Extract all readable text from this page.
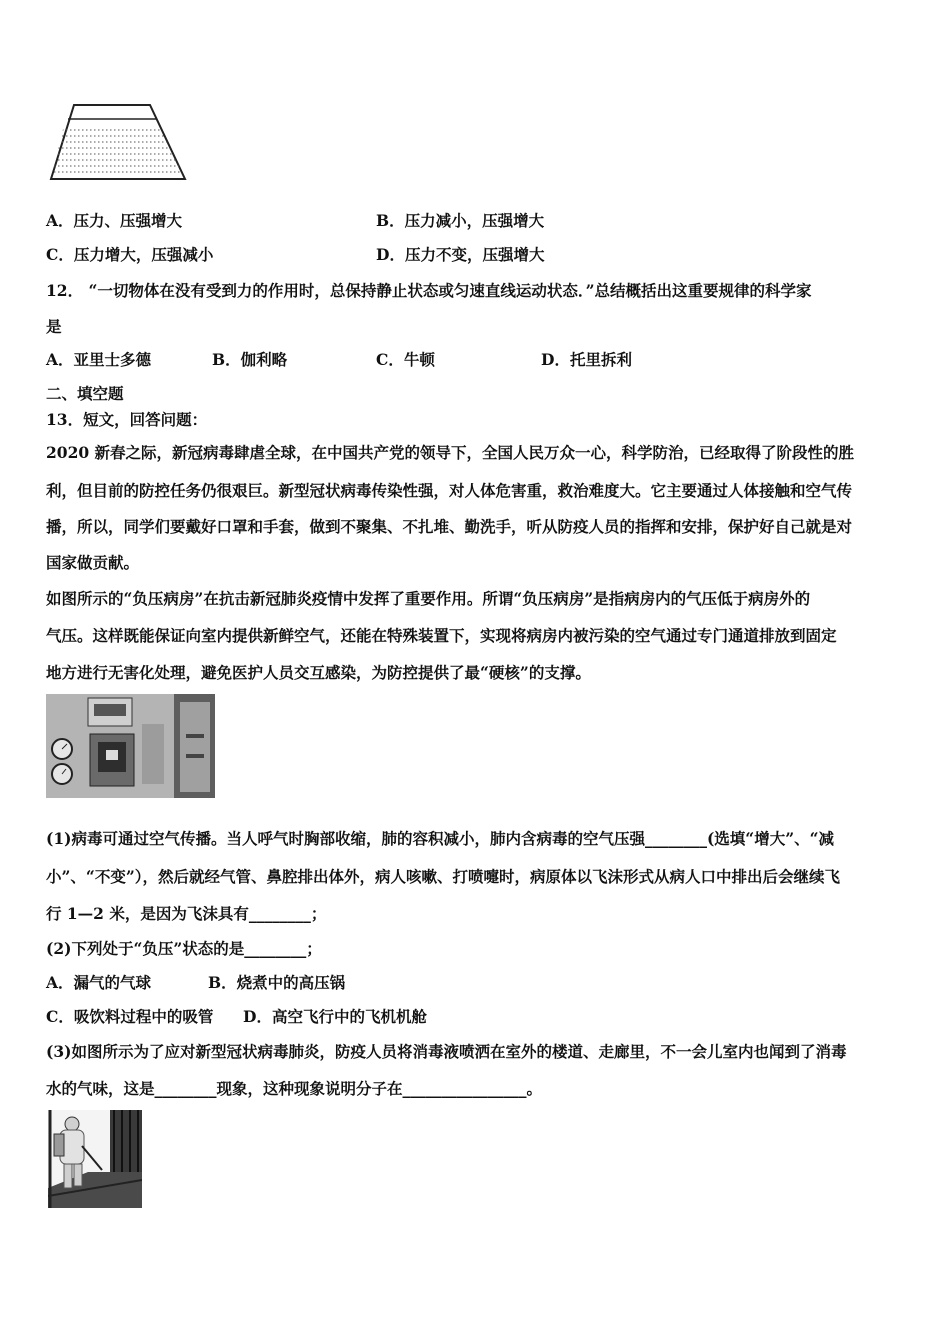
A．压力、压强增大	B．压力减小，压强增大
C．压力增大，压强减小	D．压力不变，压强增大
12． “一切物体在没有受到力的作用时，总保持静止状态或匀速直线运动状态．”总结概括出这重要规律的科学家
是
A．亚里士多德	B．伽利略	C．牛顿	D．托里拆利
二、填空题
13．短文，回答问题：
2020 新春之际，新冠病毒肆虐全球，在中国共产党的领导下，全国人民万众一心，科学防治，已经取得了阶段性的胜
利，但目前的防控任务仍很艰巨。新型冠状病毒传染性强，对人体危害重，救治难度大。它主要通过人体接触和空气传
播，所以，同学们要戴好口罩和手套，做到不聚集、不扎堆、勤洗手，听从防疫人员的指挥和安排，保护好自己就是对
国家做贡献。
如图所示的“负压病房”在抗击新冠肺炎疫情中发挥了重要作用。所谓“负压病房”是指病房内的气压低于病房外的
气压。这样既能保证向室内提供新鲜空气，还能在特殊装置下，实现将病房内被污染的空气通过专门通道排放到固定
地方进行无害化处理，避免医护人员交互感染，为防控提供了最“硬核”的支撑。
(1)病毒可通过空气传播。当人呼气时胸部收缩，肺的容积减小，肺内含病毒的空气压强________(选填“增大”、“减
小”、“不变”），然后就经气管、鼻腔排出体外，病人咳嗽、打喷嚏时，病原体以飞沫形式从病人口中排出后会继续飞
行 1—2 米，是因为飞沫具有________；
(2)下列处于“负压”状态的是________；
A．漏气的气球	B．烧煮中的高压锅
C．吸饮料过程中的吸管 D．高空飞行中的飞机机舱
(3)如图所示为了应对新型冠状病毒肺炎，防疫人员将消毒液喷洒在室外的楼道、走廊里，不一会儿室内也闻到了消毒
水的气味，这是________现象，这种现象说明分子在________________。
